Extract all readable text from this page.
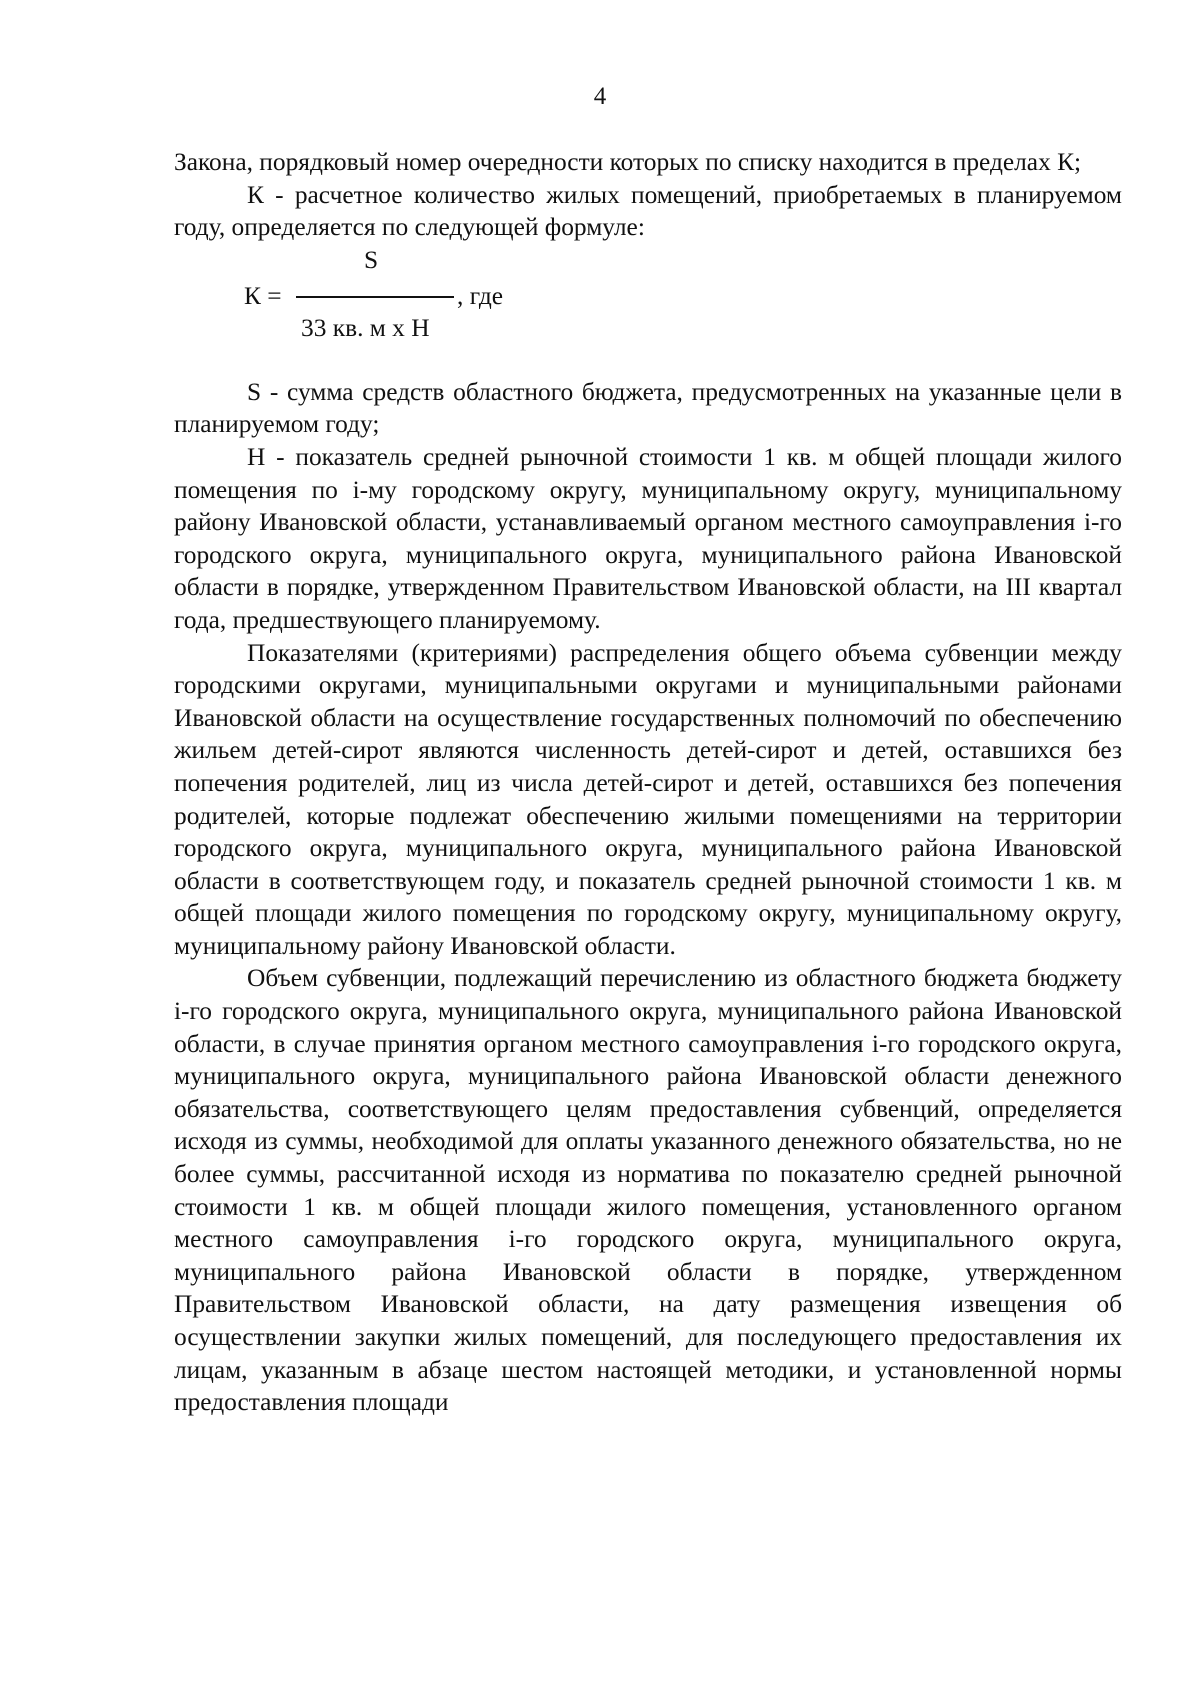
4

Закона, порядковый номер очередности которых по списку находится в пределах К;

К - расчетное количество жилых помещений, приобретаемых в планируемом году, определяется по следующей формуле:

К =
S
, где
33 кв. м х Н

S - сумма средств областного бюджета, предусмотренных на указанные цели в планируемом году;

Н - показатель средней рыночной стоимости 1 кв. м общей площади жилого помещения по i-му городскому округу, муниципальному округу, муниципальному району Ивановской области, устанавливаемый органом местного самоуправления i-го городского округа, муниципального округа, муниципального района Ивановской области в порядке, утвержденном Правительством Ивановской области, на III квартал года, предшествующего планируемому.

Показателями (критериями) распределения общего объема субвенции между городскими округами, муниципальными округами и муниципальными районами Ивановской области на осуществление государственных полномочий по обеспечению жильем детей-сирот являются численность детей-сирот и детей, оставшихся без попечения родителей, лиц из числа детей-сирот и детей, оставшихся без попечения родителей, которые подлежат обеспечению жилыми помещениями на территории городского округа, муниципального округа, муниципального района Ивановской области в соответствующем году, и показатель средней рыночной стоимости 1 кв. м общей площади жилого помещения по городскому округу, муниципальному округу, муниципальному району Ивановской области.

Объем субвенции, подлежащий перечислению из областного бюджета бюджету i-го городского округа, муниципального округа, муниципального района Ивановской области, в случае принятия органом местного самоуправления i-го городского округа, муниципального округа, муниципального района Ивановской области денежного обязательства, соответствующего целям предоставления субвенций, определяется исходя из суммы, необходимой для оплаты указанного денежного обязательства, но не более суммы, рассчитанной исходя из норматива по показателю средней рыночной стоимости 1 кв. м общей площади жилого помещения, установленного органом местного самоуправления i-го городского округа, муниципального округа, муниципального района Ивановской области в порядке, утвержденном Правительством Ивановской области, на дату размещения извещения об осуществлении закупки жилых помещений, для последующего предоставления их лицам, указанным в абзаце шестом настоящей методики, и установленной нормы предоставления площади
